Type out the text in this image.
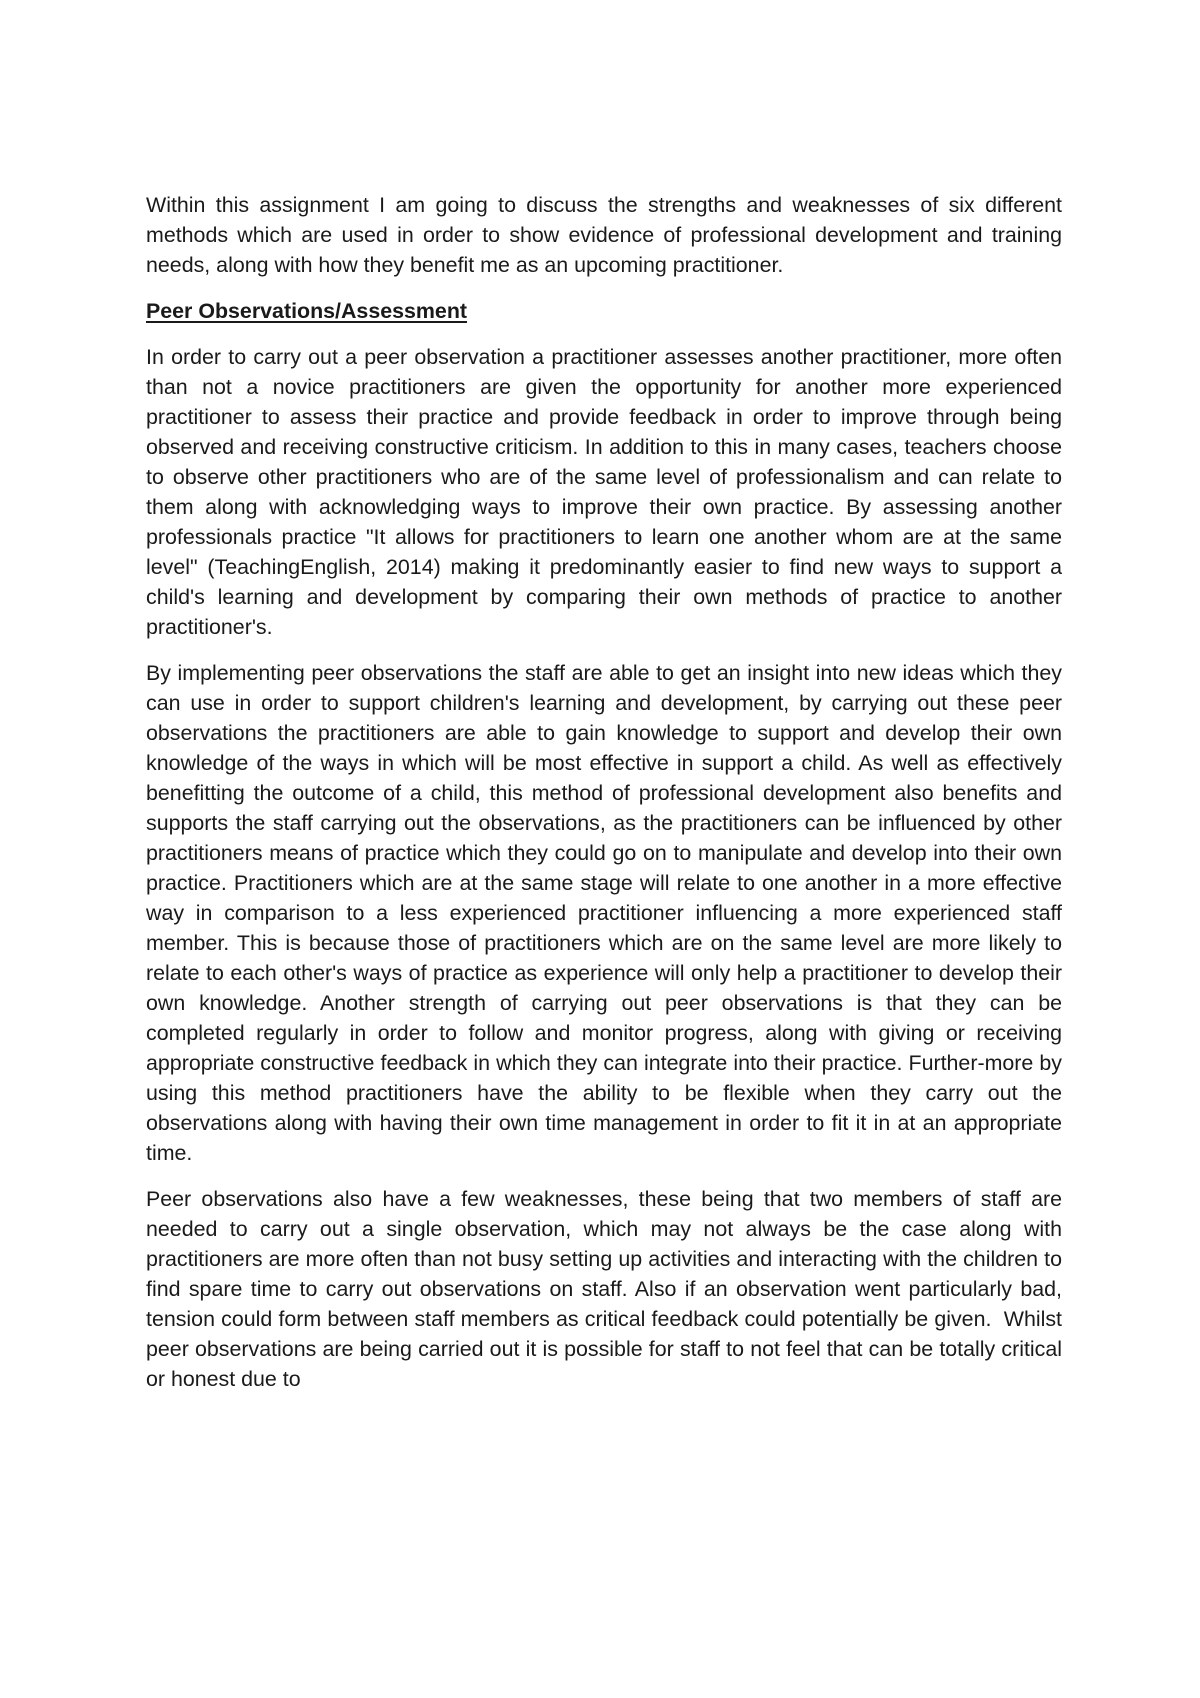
Within this assignment I am going to discuss the strengths and weaknesses of six different methods which are used in order to show evidence of professional development and training needs, along with how they benefit me as an upcoming practitioner.

Peer Observations/Assessment

In order to carry out a peer observation a practitioner assesses another practitioner, more often than not a novice practitioners are given the opportunity for another more experienced practitioner to assess their practice and provide feedback in order to improve through being observed and receiving constructive criticism. In addition to this in many cases, teachers choose to observe other practitioners who are of the same level of professionalism and can relate to them along with acknowledging ways to improve their own practice. By assessing another professionals practice "It allows for practitioners to learn one another whom are at the same level" (TeachingEnglish, 2014) making it predominantly easier to find new ways to support a child's learning and development by comparing their own methods of practice to another practitioner's.

By implementing peer observations the staff are able to get an insight into new ideas which they can use in order to support children's learning and development, by carrying out these peer observations the practitioners are able to gain knowledge to support and develop their own knowledge of the ways in which will be most effective in support a child. As well as effectively benefitting the outcome of a child, this method of professional development also benefits and supports the staff carrying out the observations, as the practitioners can be influenced by other practitioners means of practice which they could go on to manipulate and develop into their own practice. Practitioners which are at the same stage will relate to one another in a more effective way in comparison to a less experienced practitioner influencing a more experienced staff member. This is because those of practitioners which are on the same level are more likely to relate to each other's ways of practice as experience will only help a practitioner to develop their own knowledge. Another strength of carrying out peer observations is that they can be completed regularly in order to follow and monitor progress, along with giving or receiving appropriate constructive feedback in which they can integrate into their practice. Further-more by using this method practitioners have the ability to be flexible when they carry out the observations along with having their own time management in order to fit it in at an appropriate time.

Peer observations also have a few weaknesses, these being that two members of staff are needed to carry out a single observation, which may not always be the case along with practitioners are more often than not busy setting up activities and interacting with the children to find spare time to carry out observations on staff. Also if an observation went particularly bad, tension could form between staff members as critical feedback could potentially be given.  Whilst peer observations are being carried out it is possible for staff to not feel that can be totally critical or honest due to
